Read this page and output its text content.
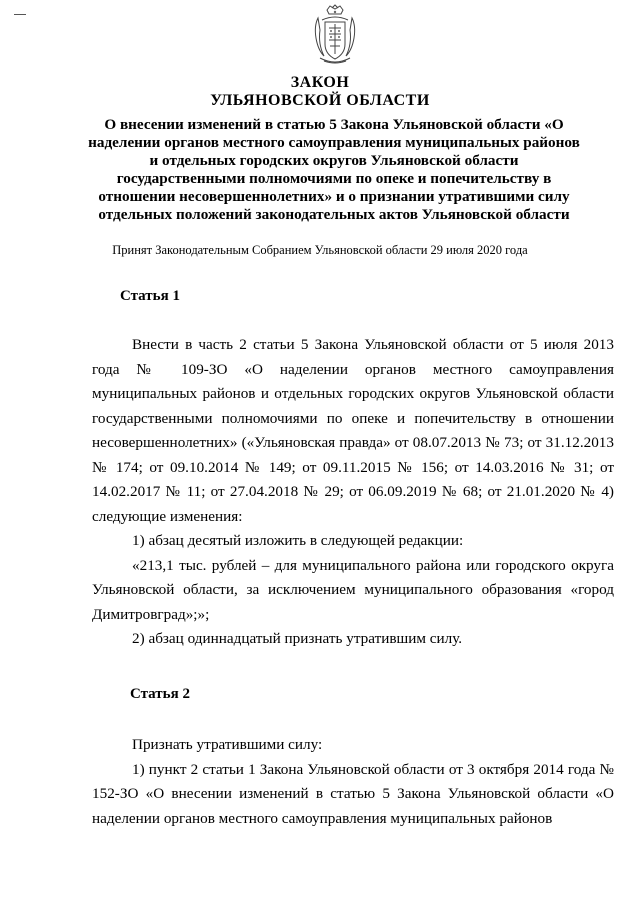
ЗАКОН
УЛЬЯНОВСКОЙ ОБЛАСТИ
О внесении изменений в статью 5 Закона Ульяновской области «О наделении органов местного самоуправления муниципальных районов и отдельных городских округов Ульяновской области государственными полномочиями по опеке и попечительству в отношении несовершеннолетних» и о признании утратившими силу отдельных положений законодательных актов Ульяновской области
Принят Законодательным Собранием Ульяновской области 29 июля 2020 года
Статья 1

Внести в часть 2 статьи 5 Закона Ульяновской области от 5 июля 2013 года № 109-ЗО «О наделении органов местного самоуправления муниципальных районов и отдельных городских округов Ульяновской области государственными полномочиями по опеке и попечительству в отношении несовершеннолетних» («Ульяновская правда» от 08.07.2013 № 73; от 31.12.2013 № 174; от 09.10.2014 № 149; от 09.11.2015 № 156; от 14.03.2016 № 31; от 14.02.2017 № 11; от 27.04.2018 № 29; от 06.09.2019 № 68; от 21.01.2020 № 4) следующие изменения:

1) абзац десятый изложить в следующей редакции:

«213,1 тыс. рублей – для муниципального района или городского округа Ульяновской области, за исключением муниципального образования «город Димитровград»;»;

2) абзац одиннадцатый признать утратившим силу.

Статья 2

Признать утратившими силу:

1) пункт 2 статьи 1 Закона Ульяновской области от 3 октября 2014 года № 152-ЗО «О внесении изменений в статью 5 Закона Ульяновской области «О наделении органов местного самоуправления муниципальных районов
